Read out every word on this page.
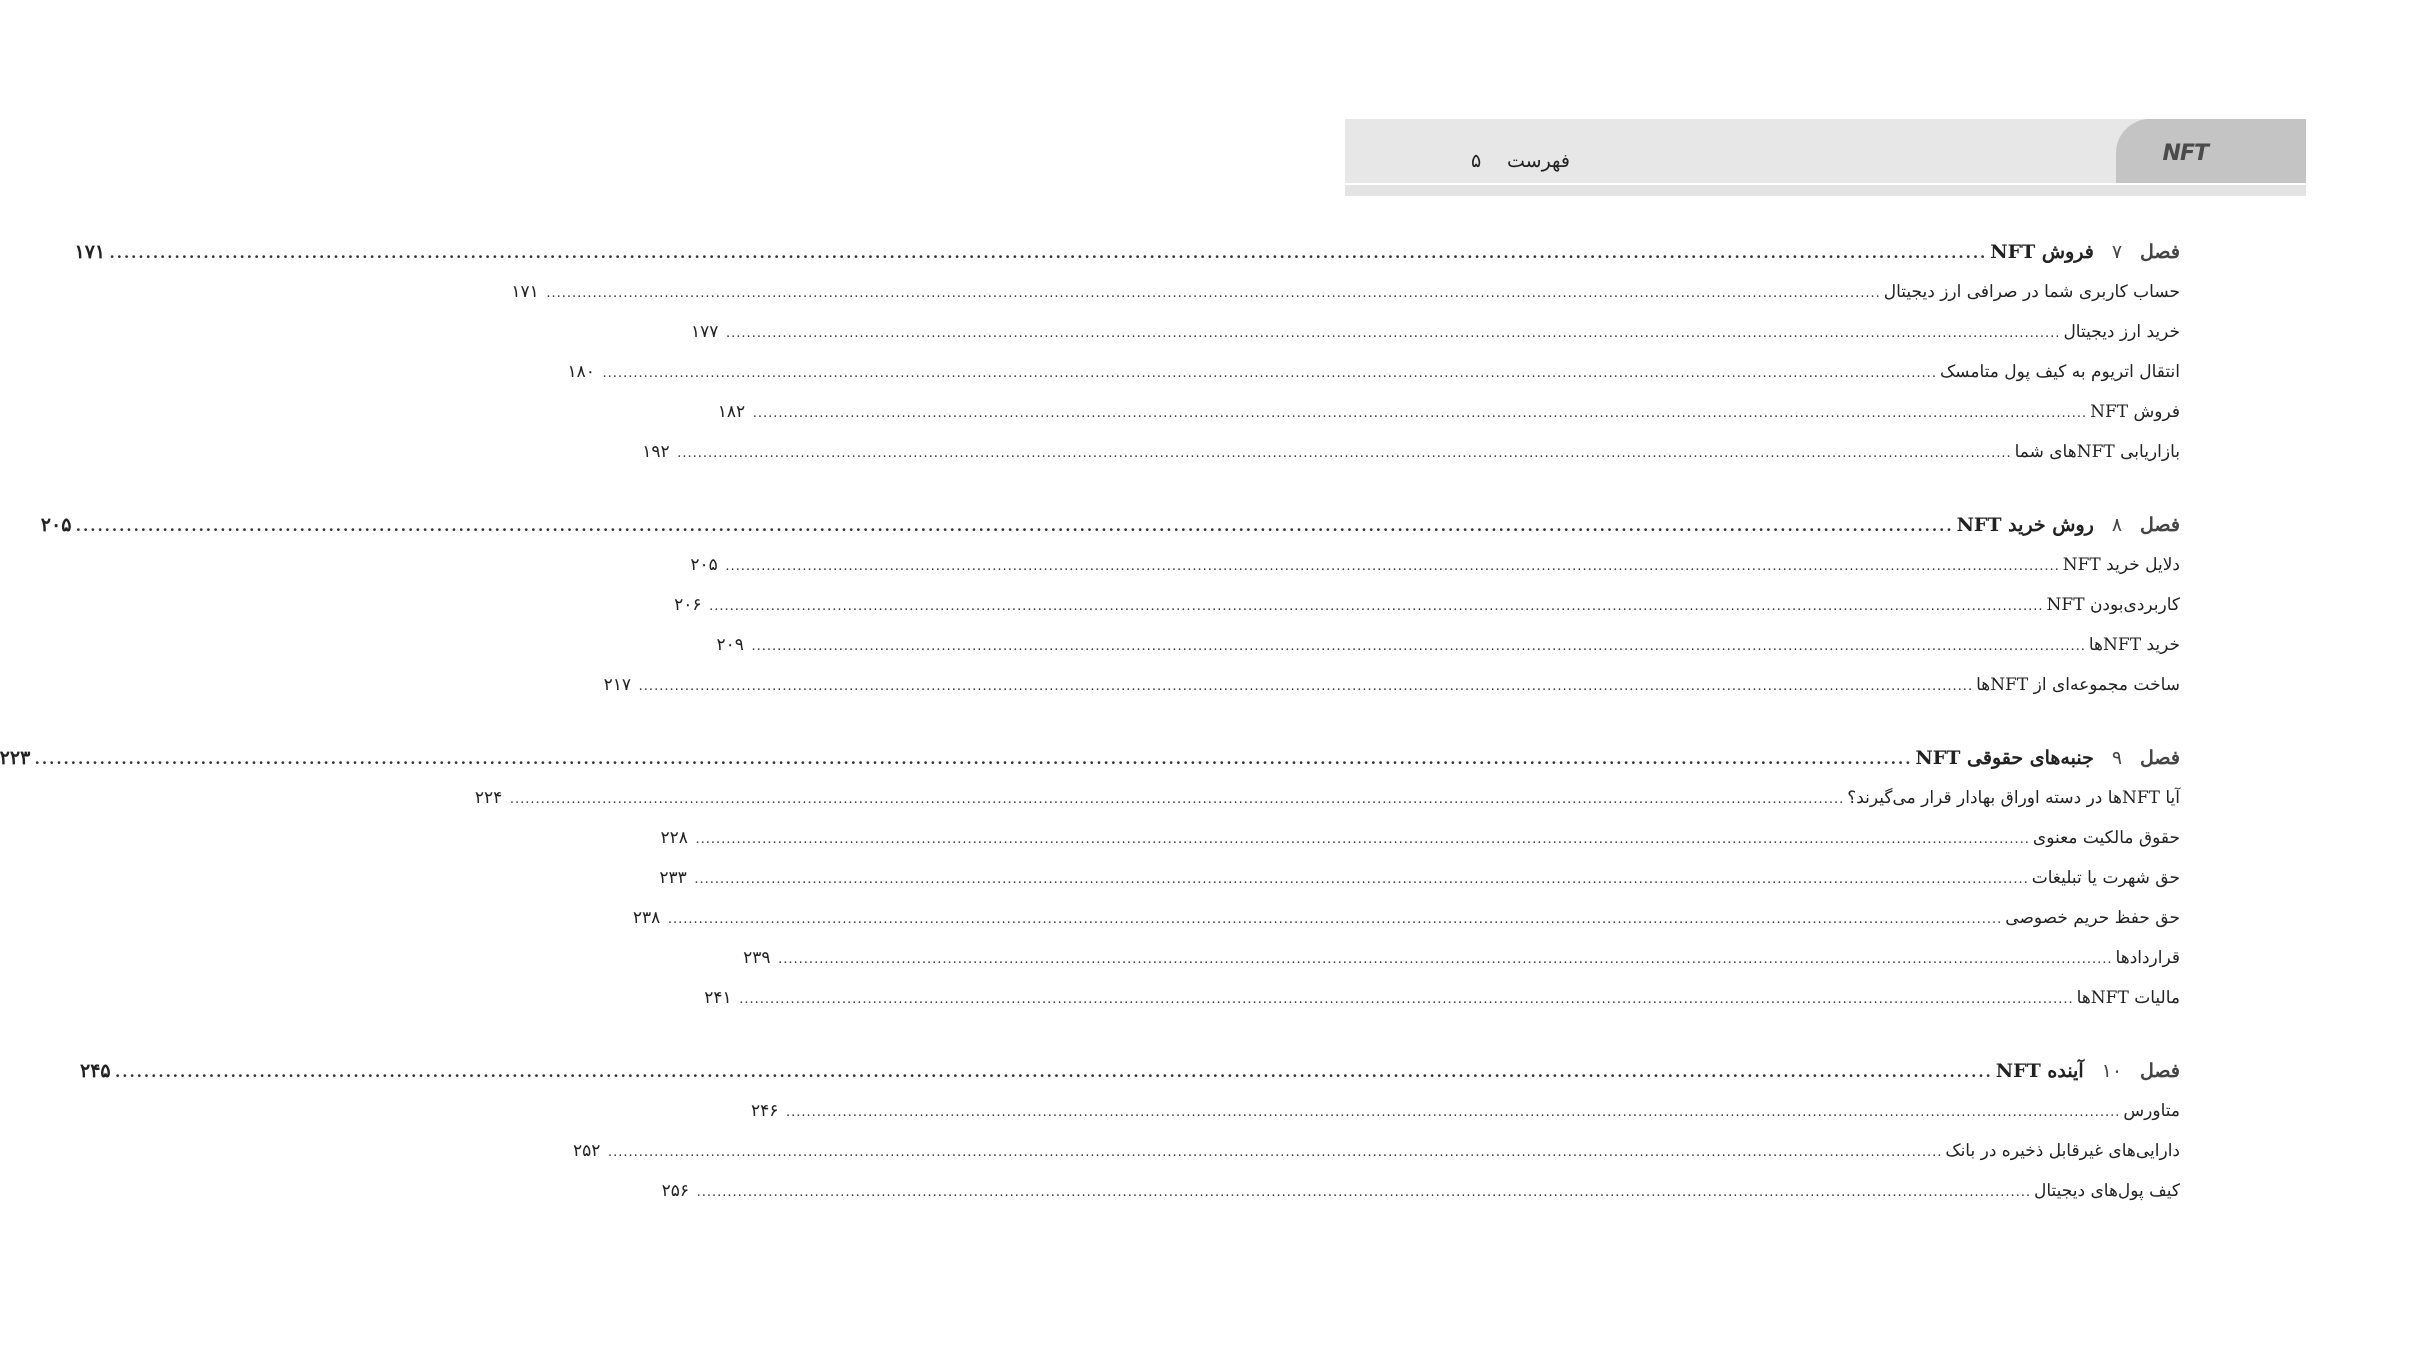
NFT
فهرست
۵
فصل۷فروش NFT
....................................................................................................................................................................................................................................................................
۱۷۱
حساب کاربری شما در صرافی ارز دیجیتال
....................................................................................................................................................................................................................................................................
۱۷۱
خرید ارز دیجیتال
....................................................................................................................................................................................................................................................................
۱۷۷
انتقال اتریوم به کیف پول متامسک
....................................................................................................................................................................................................................................................................
۱۸۰
فروش NFT
....................................................................................................................................................................................................................................................................
۱۸۲
بازاریابی NFTهای شما
....................................................................................................................................................................................................................................................................
۱۹۲
فصل۸روش خرید NFT
....................................................................................................................................................................................................................................................................
۲۰۵
دلایل خرید NFT
....................................................................................................................................................................................................................................................................
۲۰۵
کاربردی‌بودن NFT
....................................................................................................................................................................................................................................................................
۲۰۶
خرید NFTها
....................................................................................................................................................................................................................................................................
۲۰۹
ساخت مجموعه‌ای از NFTها
....................................................................................................................................................................................................................................................................
۲۱۷
فصل۹جنبه‌های حقوقی NFT
....................................................................................................................................................................................................................................................................
۲۲۳
آیا NFTها در دسته اوراق بهادار قرار می‌گیرند؟
....................................................................................................................................................................................................................................................................
۲۲۴
حقوق مالکیت معنوی
....................................................................................................................................................................................................................................................................
۲۲۸
حق شهرت یا تبلیغات
....................................................................................................................................................................................................................................................................
۲۳۳
حق حفظ حریم خصوصی
....................................................................................................................................................................................................................................................................
۲۳۸
قراردادها
....................................................................................................................................................................................................................................................................
۲۳۹
مالیات NFTها
....................................................................................................................................................................................................................................................................
۲۴۱
فصل۱۰آینده NFT
....................................................................................................................................................................................................................................................................
۲۴۵
متاورس
....................................................................................................................................................................................................................................................................
۲۴۶
دارایی‌های غیرقابل ذخیره در بانک
....................................................................................................................................................................................................................................................................
۲۵۲
کیف پول‌های دیجیتال
....................................................................................................................................................................................................................................................................
۲۵۶
